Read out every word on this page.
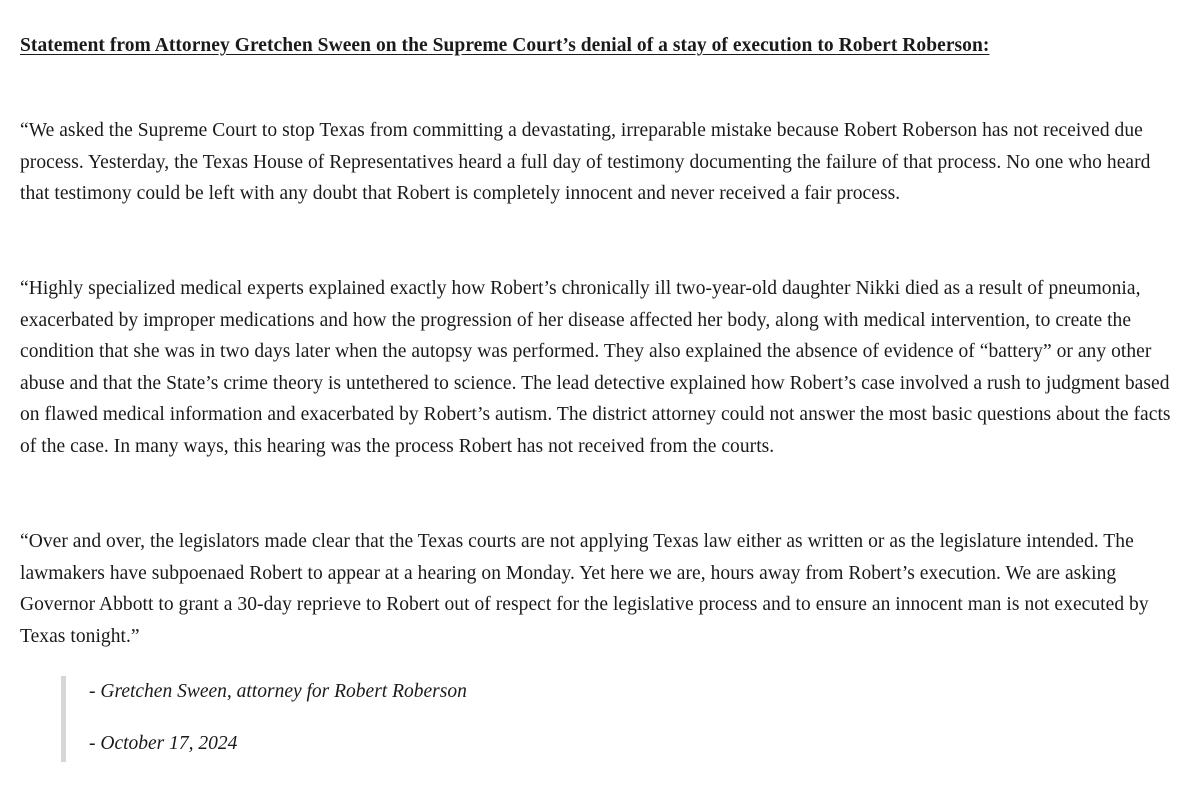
Statement from Attorney Gretchen Sween on the Supreme Court’s denial of a stay of execution to Robert Roberson:

“We asked the Supreme Court to stop Texas from committing a devastating, irreparable mistake because Robert Roberson has not received due process. Yesterday, the Texas House of Representatives heard a full day of testimony documenting the failure of that process. No one who heard that testimony could be left with any doubt that Robert is completely innocent and never received a fair process.

“Highly specialized medical experts explained exactly how Robert’s chronically ill two-year-old daughter Nikki died as a result of pneumonia, exacerbated by improper medications and how the progression of her disease affected her body, along with medical intervention, to create the condition that she was in two days later when the autopsy was performed. They also explained the absence of evidence of “battery” or any other abuse and that the State’s crime theory is untethered to science. The lead detective explained how Robert’s case involved a rush to judgment based on flawed medical information and exacerbated by Robert’s autism. The district attorney could not answer the most basic questions about the facts of the case. In many ways, this hearing was the process Robert has not received from the courts.

“Over and over, the legislators made clear that the Texas courts are not applying Texas law either as written or as the legislature intended. The lawmakers have subpoenaed Robert to appear at a hearing on Monday. Yet here we are, hours away from Robert’s execution. We are asking Governor Abbott to grant a 30-day reprieve to Robert out of respect for the legislative process and to ensure an innocent man is not executed by Texas tonight.”

- Gretchen Sween, attorney for Robert Roberson

- October 17, 2024
